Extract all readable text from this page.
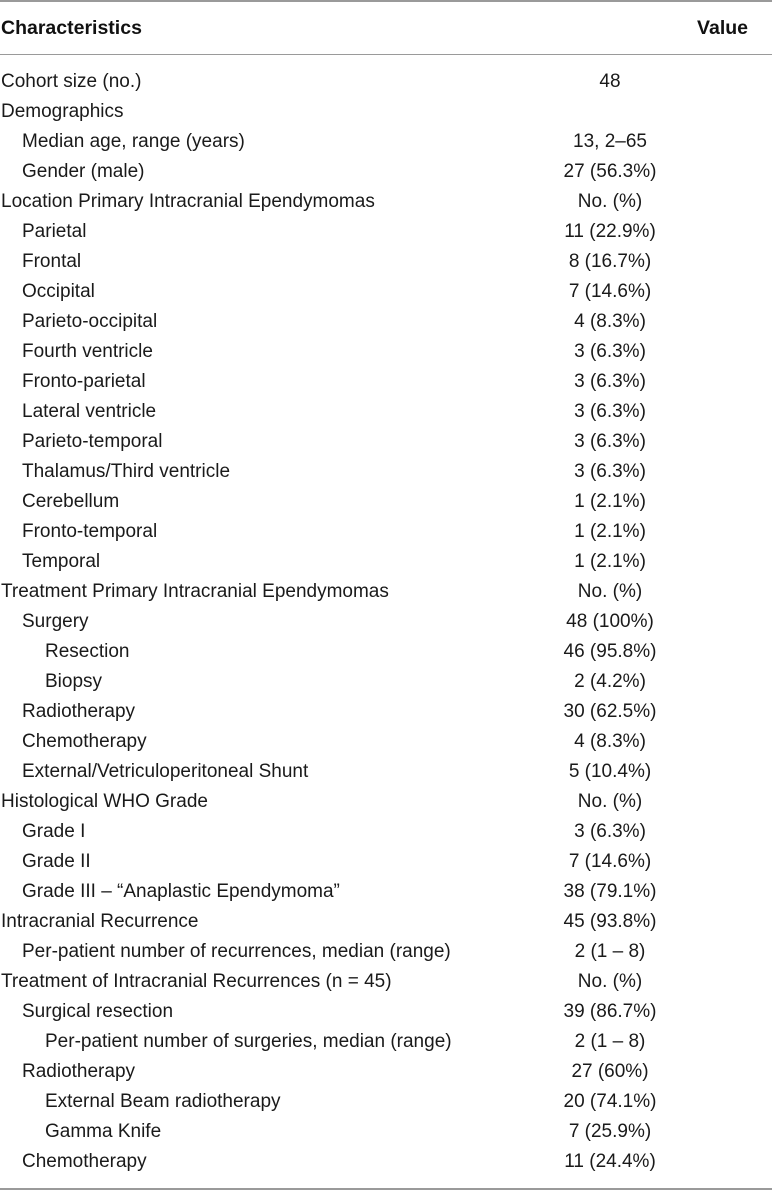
Characteristics	Value
Cohort size (no.)	48
Demographics
Median age, range (years)	13, 2–65
Gender (male)	27 (56.3%)
Location Primary Intracranial Ependymomas	No. (%)
Parietal	11 (22.9%)
Frontal	8 (16.7%)
Occipital	7 (14.6%)
Parieto-occipital	4 (8.3%)
Fourth ventricle	3 (6.3%)
Fronto-parietal	3 (6.3%)
Lateral ventricle	3 (6.3%)
Parieto-temporal	3 (6.3%)
Thalamus/Third ventricle	3 (6.3%)
Cerebellum	1 (2.1%)
Fronto-temporal	1 (2.1%)
Temporal	1 (2.1%)
Treatment Primary Intracranial Ependymomas	No. (%)
Surgery	48 (100%)
Resection	46 (95.8%)
Biopsy	2 (4.2%)
Radiotherapy	30 (62.5%)
Chemotherapy	4 (8.3%)
External/Vetriculoperitoneal Shunt	5 (10.4%)
Histological WHO Grade	No. (%)
Grade I	3 (6.3%)
Grade II	7 (14.6%)
Grade III – “Anaplastic Ependymoma”	38 (79.1%)
Intracranial Recurrence	45 (93.8%)
Per-patient number of recurrences, median (range)	2 (1 – 8)
Treatment of Intracranial Recurrences (n = 45)	No. (%)
Surgical resection	39 (86.7%)
Per-patient number of surgeries, median (range)	2 (1 – 8)
Radiotherapy	27 (60%)
External Beam radiotherapy	20 (74.1%)
Gamma Knife	7 (25.9%)
Chemotherapy	11 (24.4%)
